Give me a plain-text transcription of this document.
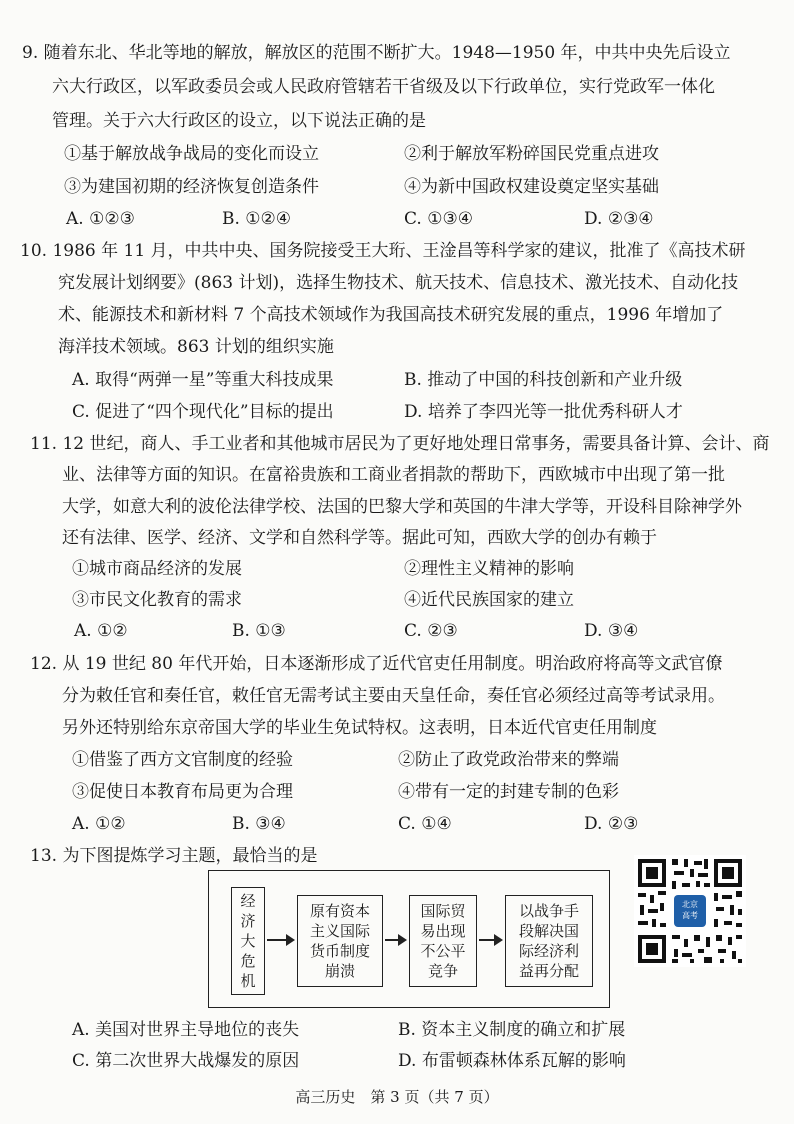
9. 随着东北、华北等地的解放，解放区的范围不断扩大。1948—1950 年，中共中央先后设立
六大行政区，以军政委员会或人民政府管辖若干省级及以下行政单位，实行党政军一体化
管理。关于六大行政区的设立，以下说法正确的是
①基于解放战争战局的变化而设立	②利于解放军粉碎国民党重点进攻
③为建国初期的经济恢复创造条件	④为新中国政权建设奠定坚实基础
A. ①②③	B. ①②④	C. ①③④	D. ②③④
10. 1986 年 11 月，中共中央、国务院接受王大珩、王淦昌等科学家的建议，批准了《高技术研
究发展计划纲要》(863 计划)，选择生物技术、航天技术、信息技术、激光技术、自动化技
术、能源技术和新材料 7 个高技术领域作为我国高技术研究发展的重点，1996 年增加了
海洋技术领域。863 计划的组织实施
A. 取得“两弹一星”等重大科技成果	B. 推动了中国的科技创新和产业升级
C. 促进了“四个现代化”目标的提出	D. 培养了李四光等一批优秀科研人才
11. 12 世纪，商人、手工业者和其他城市居民为了更好地处理日常事务，需要具备计算、会计、商
业、法律等方面的知识。在富裕贵族和工商业者捐款的帮助下，西欧城市中出现了第一批
大学，如意大利的波伦法律学校、法国的巴黎大学和英国的牛津大学等，开设科目除神学外
还有法律、医学、经济、文学和自然科学等。据此可知，西欧大学的创办有赖于
①城市商品经济的发展	②理性主义精神的影响
③市民文化教育的需求	④近代民族国家的建立
A. ①②	B. ①③	C. ②③	D. ③④
12. 从 19 世纪 80 年代开始，日本逐渐形成了近代官吏任用制度。明治政府将高等文武官僚
分为敕任官和奏任官，敕任官无需考试主要由天皇任命，奏任官必须经过高等考试录用。
另外还特别给东京帝国大学的毕业生免试特权。这表明，日本近代官吏任用制度
①借鉴了西方文官制度的经验	②防止了政党政治带来的弊端
③促使日本教育布局更为合理	④带有一定的封建专制的色彩
A. ①②	B. ③④	C. ①④	D. ②③
13. 为下图提炼学习主题，最恰当的是
经
济
大
危
机
原有资本
主义国际
货币制度
崩溃
国际贸
易出现
不公平
竞争
以战争手
段解决国
际经济利
益再分配
A. 美国对世界主导地位的丧失	B. 资本主义制度的确立和扩展
C. 第二次世界大战爆发的原因	D. 布雷顿森林体系瓦解的影响
北京
高考
高三历史　第 3 页（共 7 页）
